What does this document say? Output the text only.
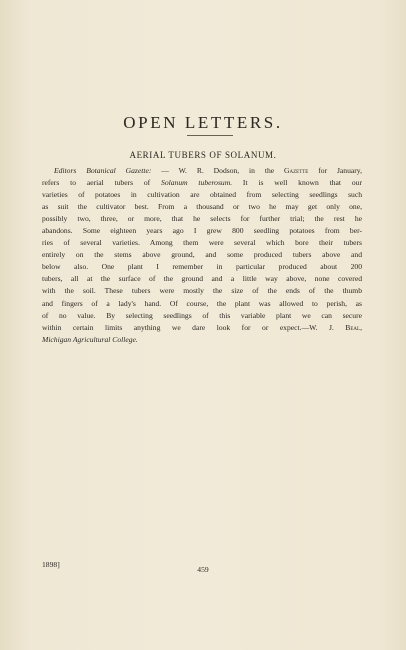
OPEN LETTERS.
AERIAL TUBERS OF SOLANUM.
Editors Botanical Gazette: — W. R. Dodson, in the Gazette for January,
refers to aerial tubers of Solanum tuberosum. It is well known that our
varieties of potatoes in cultivation are obtained from selecting seedlings such
as suit the cultivator best. From a thousand or two he may get only one,
possibly two, three, or more, that he selects for further trial; the rest he
abandons. Some eighteen years ago I grew 800 seedling potatoes from ber-
ries of several varieties. Among them were several which bore their tubers
entirely on the stems above ground, and some produced tubers above and
below also. One plant I remember in particular produced about 200
tubers, all at the surface of the ground and a little way above, none covered
with the soil. These tubers were mostly the size of the ends of the thumb
and fingers of a lady's hand. Of course, the plant was allowed to perish, as
of no value. By selecting seedlings of this variable plant we can secure
within certain limits anything we dare look for or expect.—W. J. Beal,
Michigan Agricultural College.
1898]
459
